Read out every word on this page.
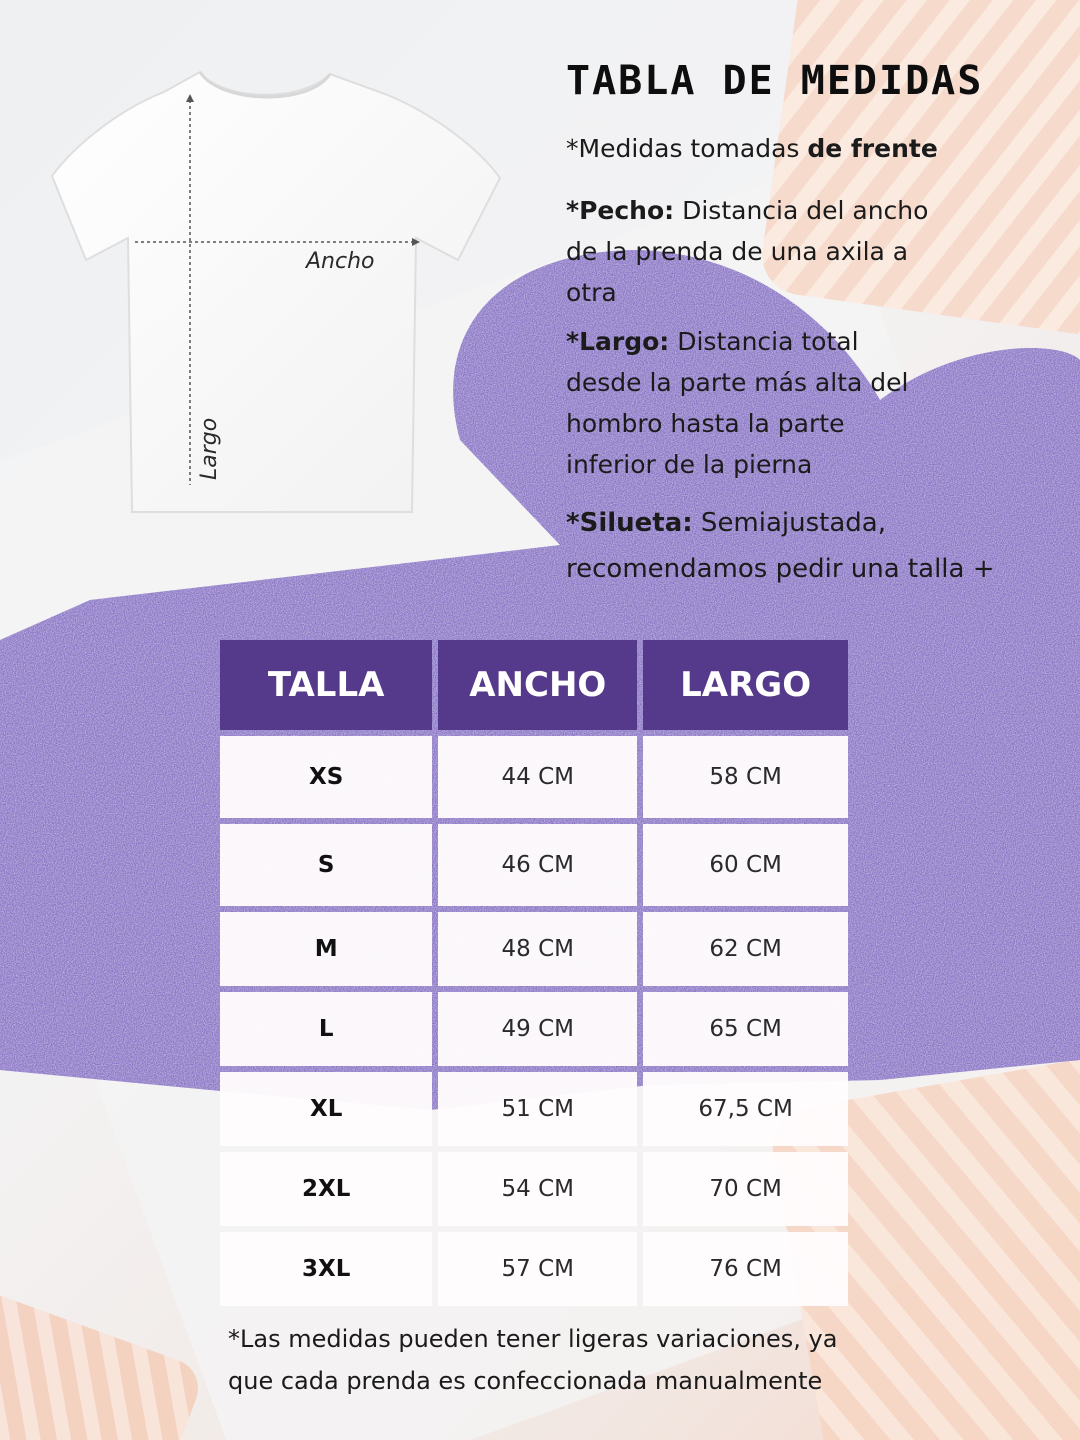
Ancho
Largo
TABLA DE MEDIDAS

*Medidas tomadas de frente

*Pecho: Distancia del ancho de la prenda de una axila a otra

*Largo: Distancia total desde la parte más alta del hombro hasta la parte inferior de la pierna

*Silueta: Semiajustada, recomendamos pedir una talla +

TALLA	ANCHO	LARGO
XS	44 CM	58 CM
S	46 CM	60 CM
M	48 CM	62 CM
L	49 CM	65 CM
XL	51 CM	67,5 CM
2XL	54 CM	70 CM
3XL	57 CM	76 CM

*Las medidas pueden tener ligeras variaciones, ya que cada prenda es confeccionada manualmente
